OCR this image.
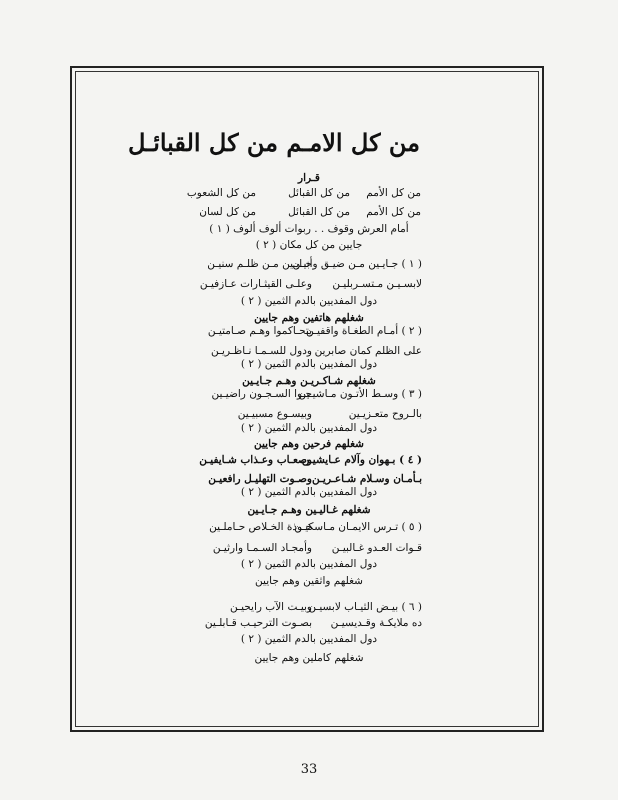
من كل الامـم من كل القبائـل
قـرار
من كل الأمم
من كل القبائل
من كل الشعوب
من كل الأمم
من كل القبائل
من كل لسان
أمام العرش وقوف . . ربوات ألوف ألوف ( ١ )
جايين من كل مكان ( ٢ )
( ١ ) جـايـين مـن ضيـق وأنيـن
جـايـين مـن ظلـم سنيـن
لابسـيـن مـتسـربليـن
وعلـى القيثـارات عـازفيـن
دول المفديين بالدم الثمين ( ٢ )
شغلهم هاتفين وهم جايين
( ٢ ) أمـام الطغـاة واقفيـن
يتحـاكموا وهـم صـامتيـن
على الظلم كمان صابرين
ودول للسـمـا نـاظـريـن
دول المفديين بالدم الثمين ( ٢ )
شغلهم شـاكـريـن وهـم جـايـين
( ٣ ) وسـط الأتـون مـاشيـين
جـوا السـجـون راضيـين
بالـروح متعـزيـين
وبيسـوع مسبيـين
دول المفديين بالدم الثمين ( ٢ )
شغلهم فرحين وهم جايين
( ٤ ) بـهوان وآلام عـايشيـن
وصعـاب وعـذاب شـايفيـن
بـأمـان وسـلام شـاعـريـن
وصـوت التهليـل رافعيـن
دول المفديين بالدم الثمين ( ٢ )
شغلهم غـاليـين وهـم جـايـين
( ٥ ) تـرس الايمـان مـاسكيـن
خـوذة الخـلاص حـاملـين
قـوات العـدو غـالبيـن
وأمجـاد السـمـا وارثيـن
دول المفديين بالدم الثمين ( ٢ )
شغلهم واثقين وهم جايين
( ٦ ) بيـض الثيـاب لابسيـن
وبيـت الآب رايحيـن
ده ملايكـة وقـديسيـن
بصـوت الترحيـب قـابلـين
دول المفديين بالدم الثمين ( ٢ )
شغلهم كاملين وهم جايين
33
